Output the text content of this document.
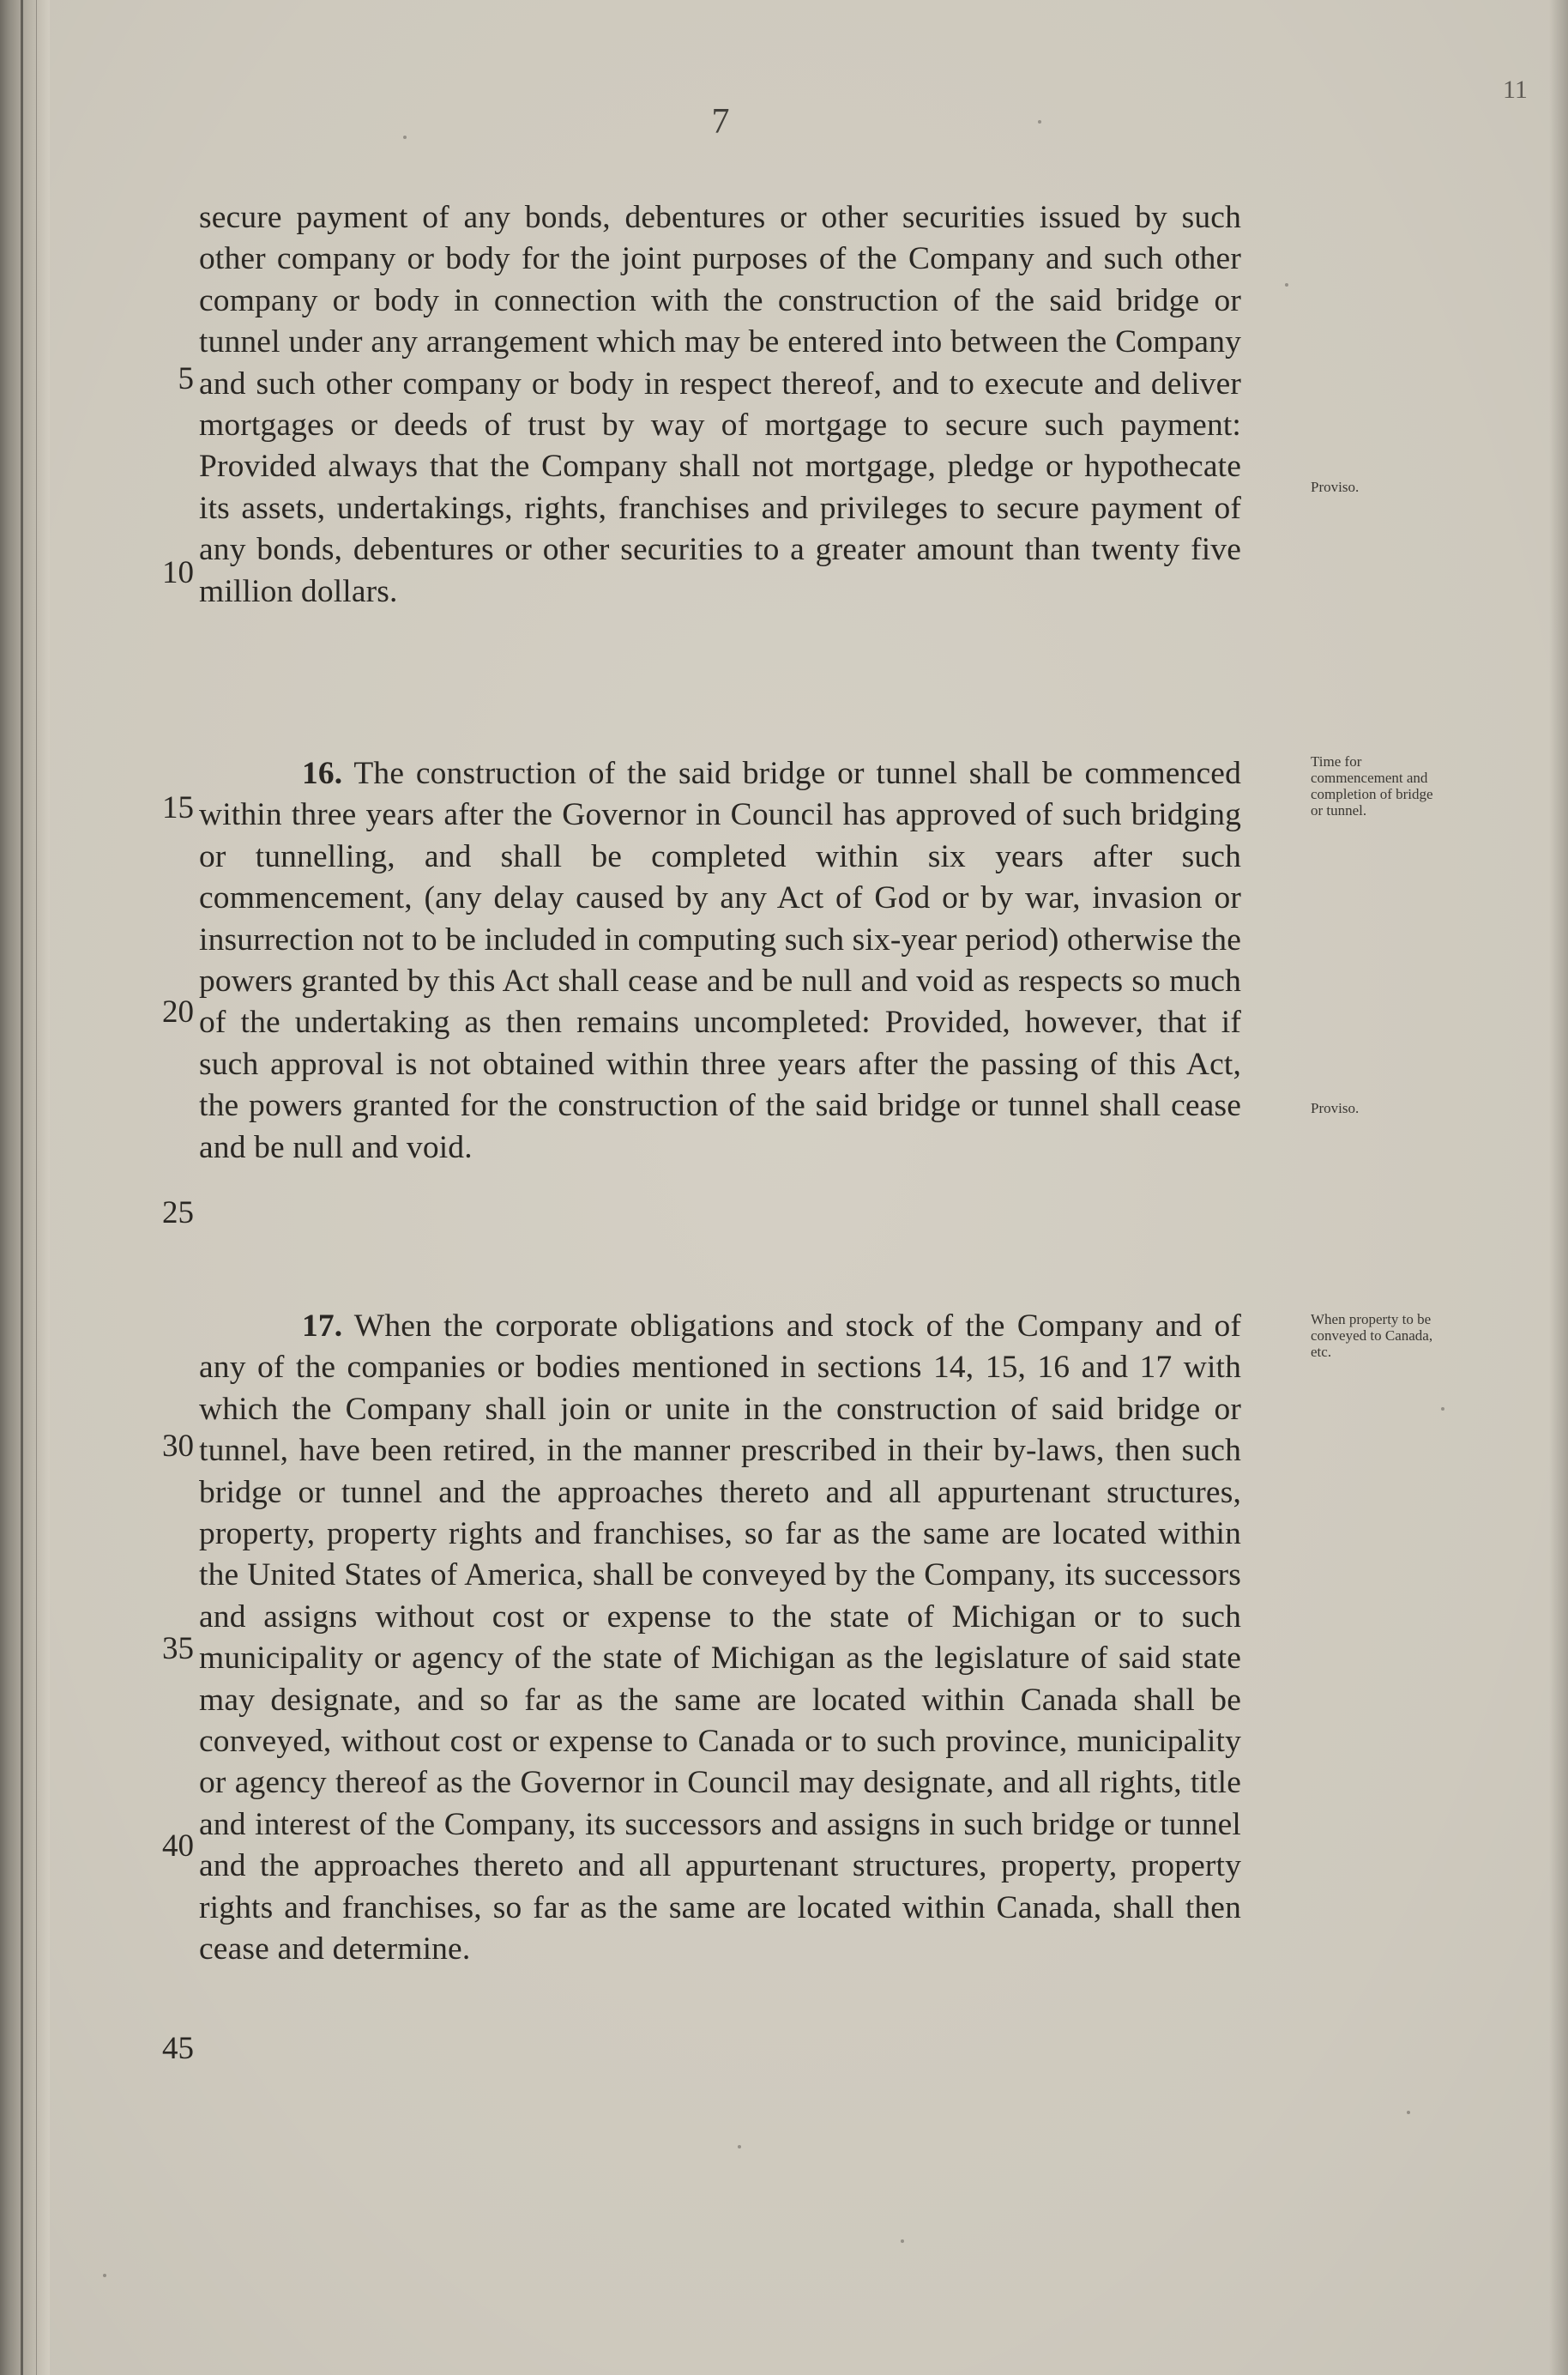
7
11

secure payment of any bonds, debentures or other securities issued by such other company or body for the joint purposes of the Company and such other company or body in connection with the construction of the said bridge or tunnel under any arrangement which may be entered into between the Company and such other company or body in respect thereof, and to execute and deliver mortgages or deeds of trust by way of mortgage to secure such payment: Provided always that the Company shall not mortgage, pledge or hypothecate its assets, undertakings, rights, franchises and privileges to secure payment of any bonds, debentures or other securities to a greater amount than twenty five million dollars.

16. The construction of the said bridge or tunnel shall be commenced within three years after the Governor in Council has approved of such bridging or tunnelling, and shall be completed within six years after such commencement, (any delay caused by any Act of God or by war, invasion or insurrection not to be included in computing such six-year period) otherwise the powers granted by this Act shall cease and be null and void as respects so much of the undertaking as then remains uncompleted: Provided, however, that if such approval is not obtained within three years after the passing of this Act, the powers granted for the construction of the said bridge or tunnel shall cease and be null and void.

17. When the corporate obligations and stock of the Company and of any of the companies or bodies mentioned in sections 14, 15, 16 and 17 with which the Company shall join or unite in the construction of said bridge or tunnel, have been retired, in the manner prescribed in their by-laws, then such bridge or tunnel and the approaches thereto and all appurtenant structures, property, property rights and franchises, so far as the same are located within the United States of America, shall be conveyed by the Company, its successors and assigns without cost or expense to the state of Michigan or to such municipality or agency of the state of Michigan as the legislature of said state may designate, and so far as the same are located within Canada shall be conveyed, without cost or expense to Canada or to such province, municipality or agency thereof as the Governor in Council may designate, and all rights, title and interest of the Company, its successors and assigns in such bridge or tunnel and the approaches thereto and all appurtenant structures, property, property rights and franchises, so far as the same are located within Canada, shall then cease and determine.

5
10
15
20
25
30
35
40
45
Proviso.
Time for commencement and completion of bridge or tunnel.
Proviso.
When property to be conveyed to Canada, etc.
